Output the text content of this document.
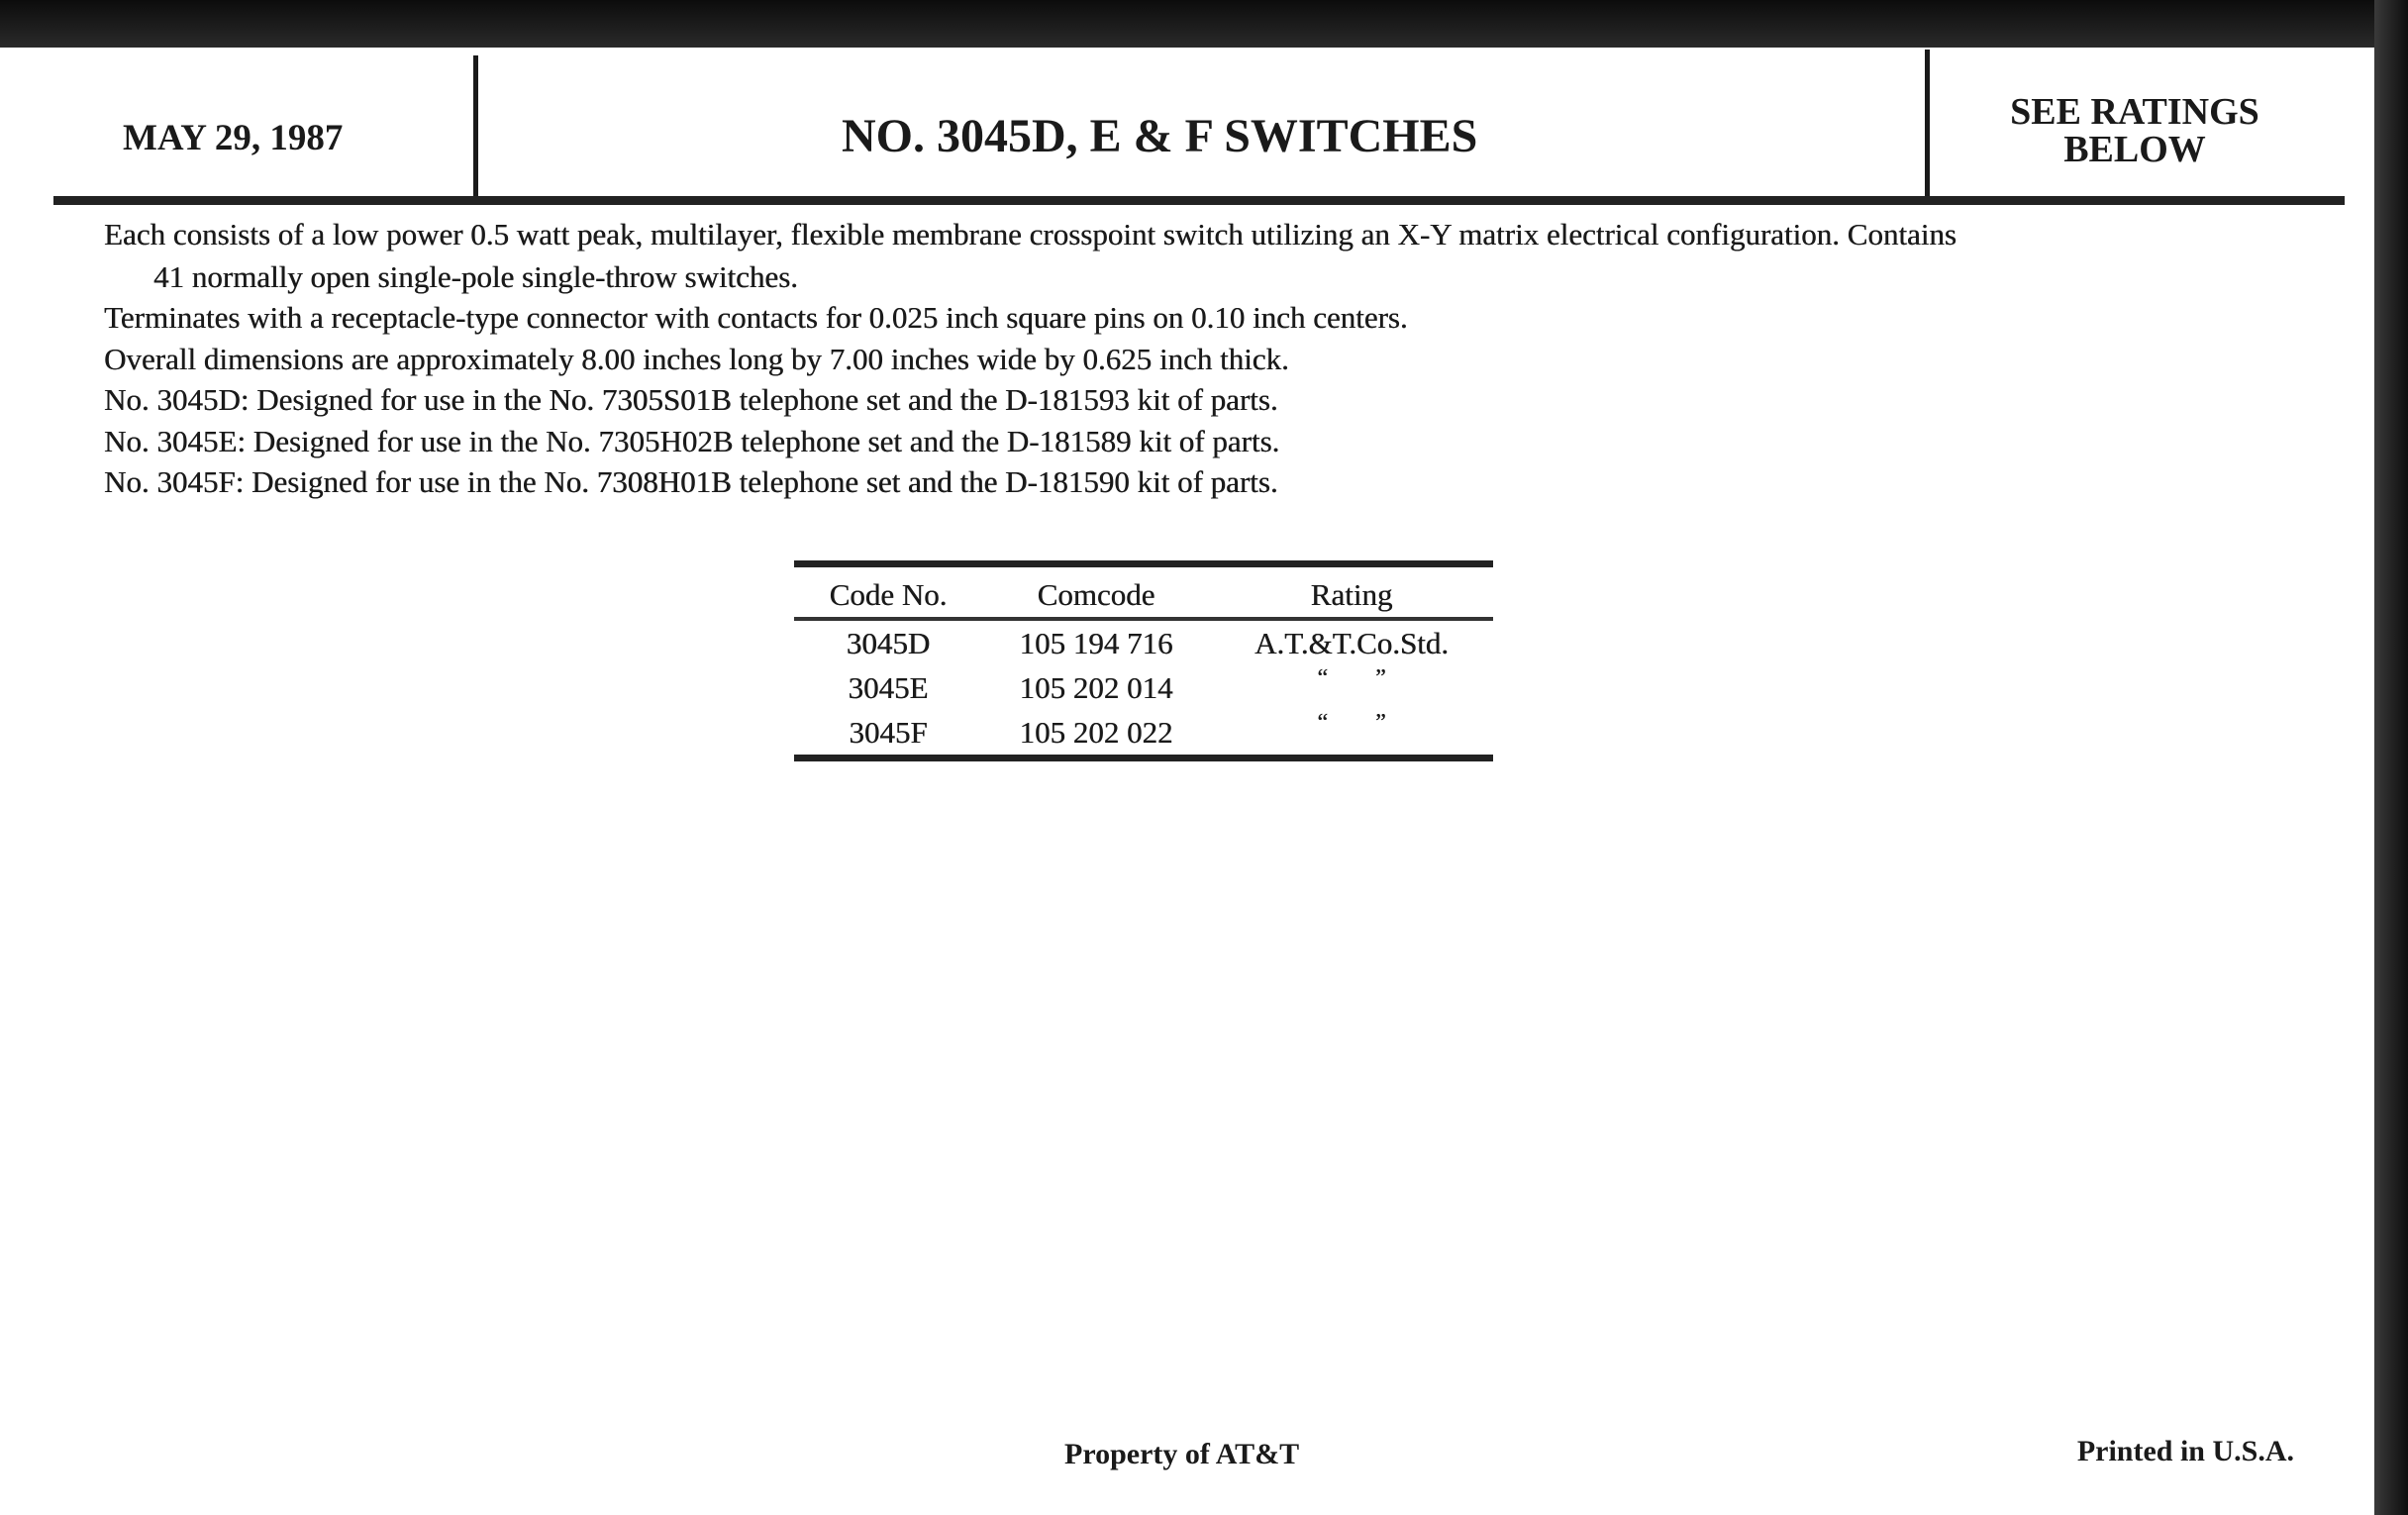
MAY 29, 1987	NO. 3045D, E & F SWITCHES	SEE RATINGS
BELOW
Each consists of a low power 0.5 watt peak, multilayer, flexible membrane crosspoint switch utilizing an X-Y matrix electrical configuration. Contains
41 normally open single-pole single-throw switches.
Terminates with a receptacle-type connector with contacts for 0.025 inch square pins on 0.10 inch centers.
Overall dimensions are approximately 8.00 inches long by 7.00 inches wide by 0.625 inch thick.
No. 3045D: Designed for use in the No. 7305S01B telephone set and the D-181593 kit of parts.
No. 3045E: Designed for use in the No. 7305H02B telephone set and the D-181589 kit of parts.
No. 3045F: Designed for use in the No. 7308H01B telephone set and the D-181590 kit of parts.
Code No.	Comcode	Rating
3045D	105 194 716	A.T.&T.Co.Std.
3045E	105 202 014	“        ”
3045F	105 202 022	“        ”
Property of AT&T	Printed in U.S.A.
